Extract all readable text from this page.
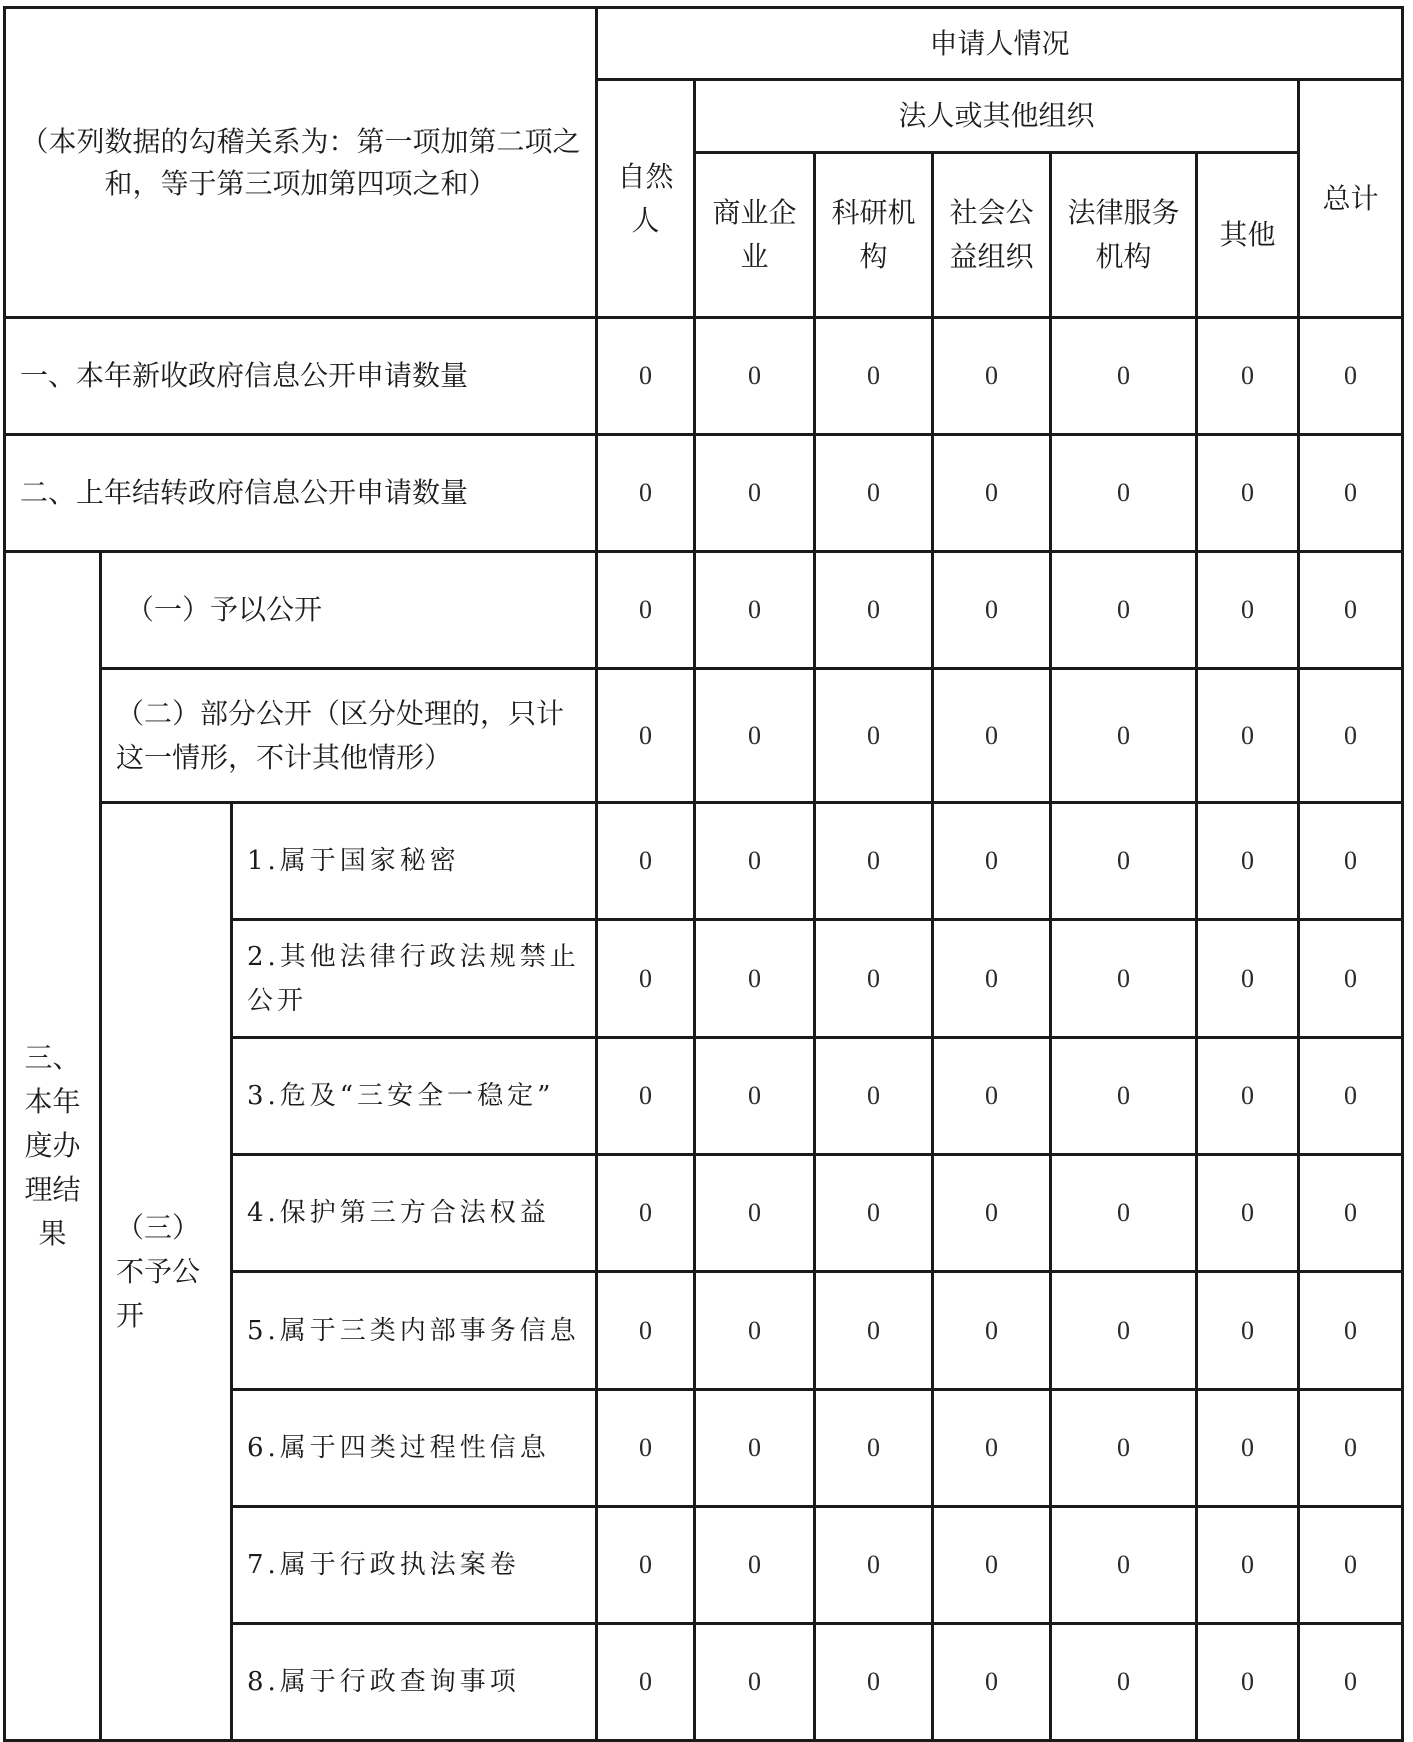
（本列数据的勾稽关系为：第一项加第二项之和，等于第三项加第四项之和）			申请人情况						
			自然人	法人或其他组织					总计
				商业企业	科研机构	社会公益组织	法律服务机构	其他	
一、本年新收政府信息公开申请数量			0	0	0	0	0	0	0
二、上年结转政府信息公开申请数量			0	0	0	0	0	0	0
三、本年度办理结果	（一）予以公开		0	0	0	0	0	0	0
	（二）部分公开（区分处理的，只计这一情形，不计其他情形）		0	0	0	0	0	0	0
	（三）不予公开	1.属于国家秘密	0	0	0	0	0	0	0
		2.其他法律行政法规禁止公开	0	0	0	0	0	0	0
		3.危及“三安全一稳定”	0	0	0	0	0	0	0
		4.保护第三方合法权益	0	0	0	0	0	0	0
		5.属于三类内部事务信息	0	0	0	0	0	0	0
		6.属于四类过程性信息	0	0	0	0	0	0	0
		7.属于行政执法案卷	0	0	0	0	0	0	0
		8.属于行政查询事项	0	0	0	0	0	0	0
